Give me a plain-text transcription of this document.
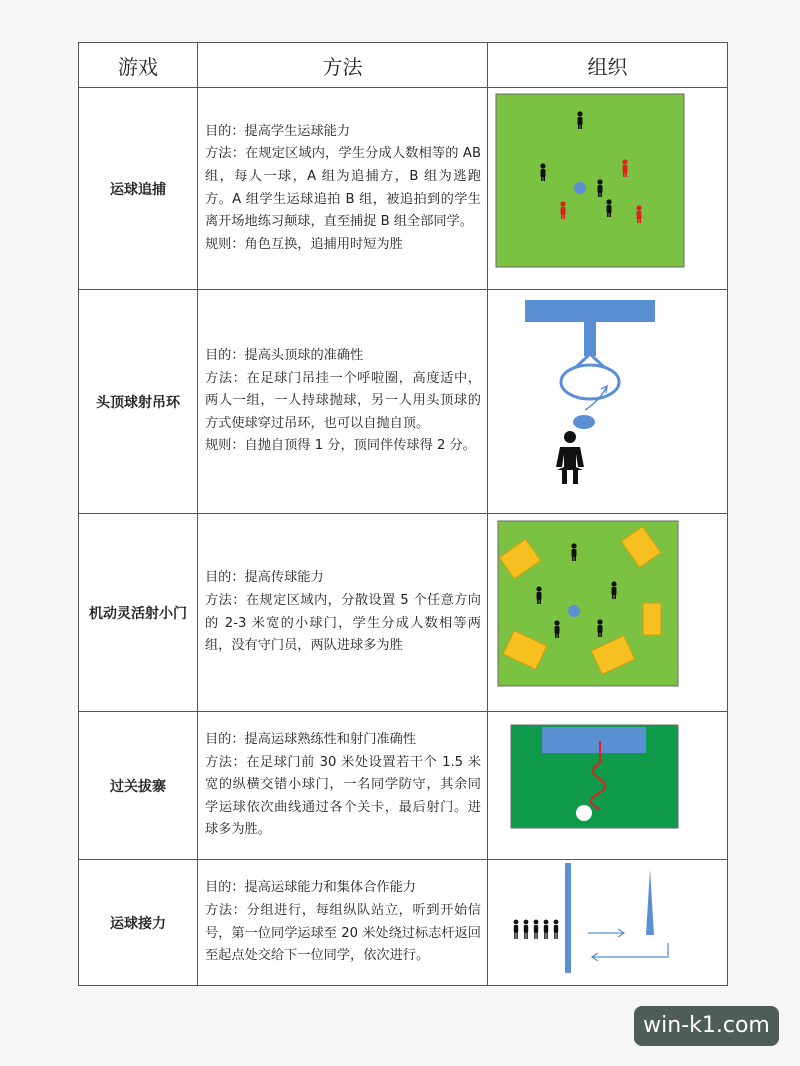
游戏	方法	组织
运球追捕	目的：提高学生运球能力
方法：在规定区域内，学生分成人数相等的 AB 组，每人一球，A 组为追捕方，B 组为逃跑方。A 组学生运球追拍 B 组，被追拍到的学生离开场地练习颠球，直至捕捉 B 组全部同学。
规则：角色互换，追捕用时短为胜

头顶球射吊环	目的：提高头顶球的准确性
方法：在足球门吊挂一个呼啦圈，高度适中，两人一组，一人持球抛球，另一人用头顶球的方式使球穿过吊环，也可以自抛自顶。
规则：自抛自顶得 1 分，顶同伴传球得 2 分。

机动灵活射小门	目的：提高传球能力
方法：在规定区域内，分散设置 5 个任意方向的 2-3 米宽的小球门，学生分成人数相等两组，没有守门员，两队进球多为胜

过关拔寨	目的：提高运球熟练性和射门准确性
方法：在足球门前 30 米处设置若干个 1.5 米宽的纵横交错小球门，一名同学防守，其余同学运球依次曲线通过各个关卡，最后射门。进球多为胜。

运球接力	目的：提高运球能力和集体合作能力
方法：分组进行，每组纵队站立，听到开始信号，第一位同学运球至 20 米处绕过标志杆返回至起点处交给下一位同学，依次进行。

win-k1.com
